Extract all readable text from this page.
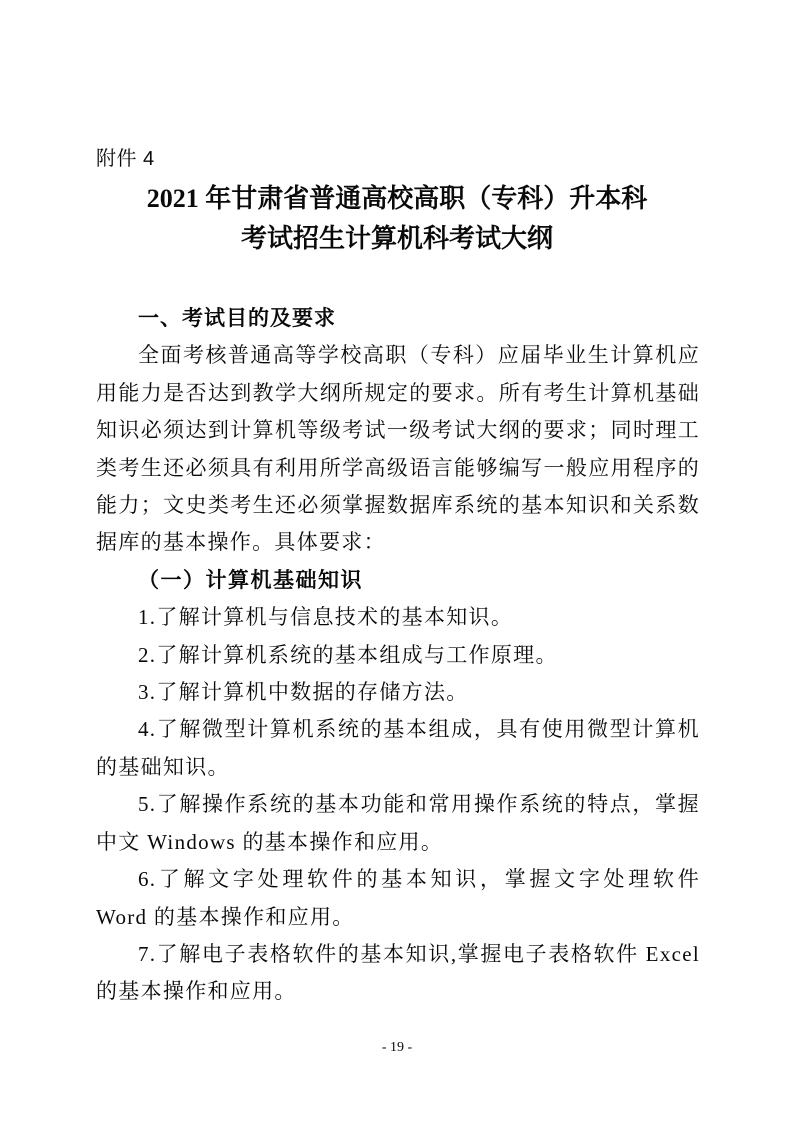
附件 4
2021 年甘肃省普通高校高职（专科）升本科
考试招生计算机科考试大纲
一、考试目的及要求

全面考核普通高等学校高职（专科）应届毕业生计算机应用能力是否达到教学大纲所规定的要求。所有考生计算机基础知识必须达到计算机等级考试一级考试大纲的要求；同时理工类考生还必须具有利用所学高级语言能够编写一般应用程序的能力；文史类考生还必须掌握数据库系统的基本知识和关系数据库的基本操作。具体要求：

（一）计算机基础知识

1.了解计算机与信息技术的基本知识。

2.了解计算机系统的基本组成与工作原理。

3.了解计算机中数据的存储方法。

4.了解微型计算机系统的基本组成，具有使用微型计算机的基础知识。

5.了解操作系统的基本功能和常用操作系统的特点，掌握中文 Windows 的基本操作和应用。

6.了解文字处理软件的基本知识，掌握文字处理软件 Word 的基本操作和应用。

7.了解电子表格软件的基本知识,掌握电子表格软件 Excel 的基本操作和应用。

- 19 -
